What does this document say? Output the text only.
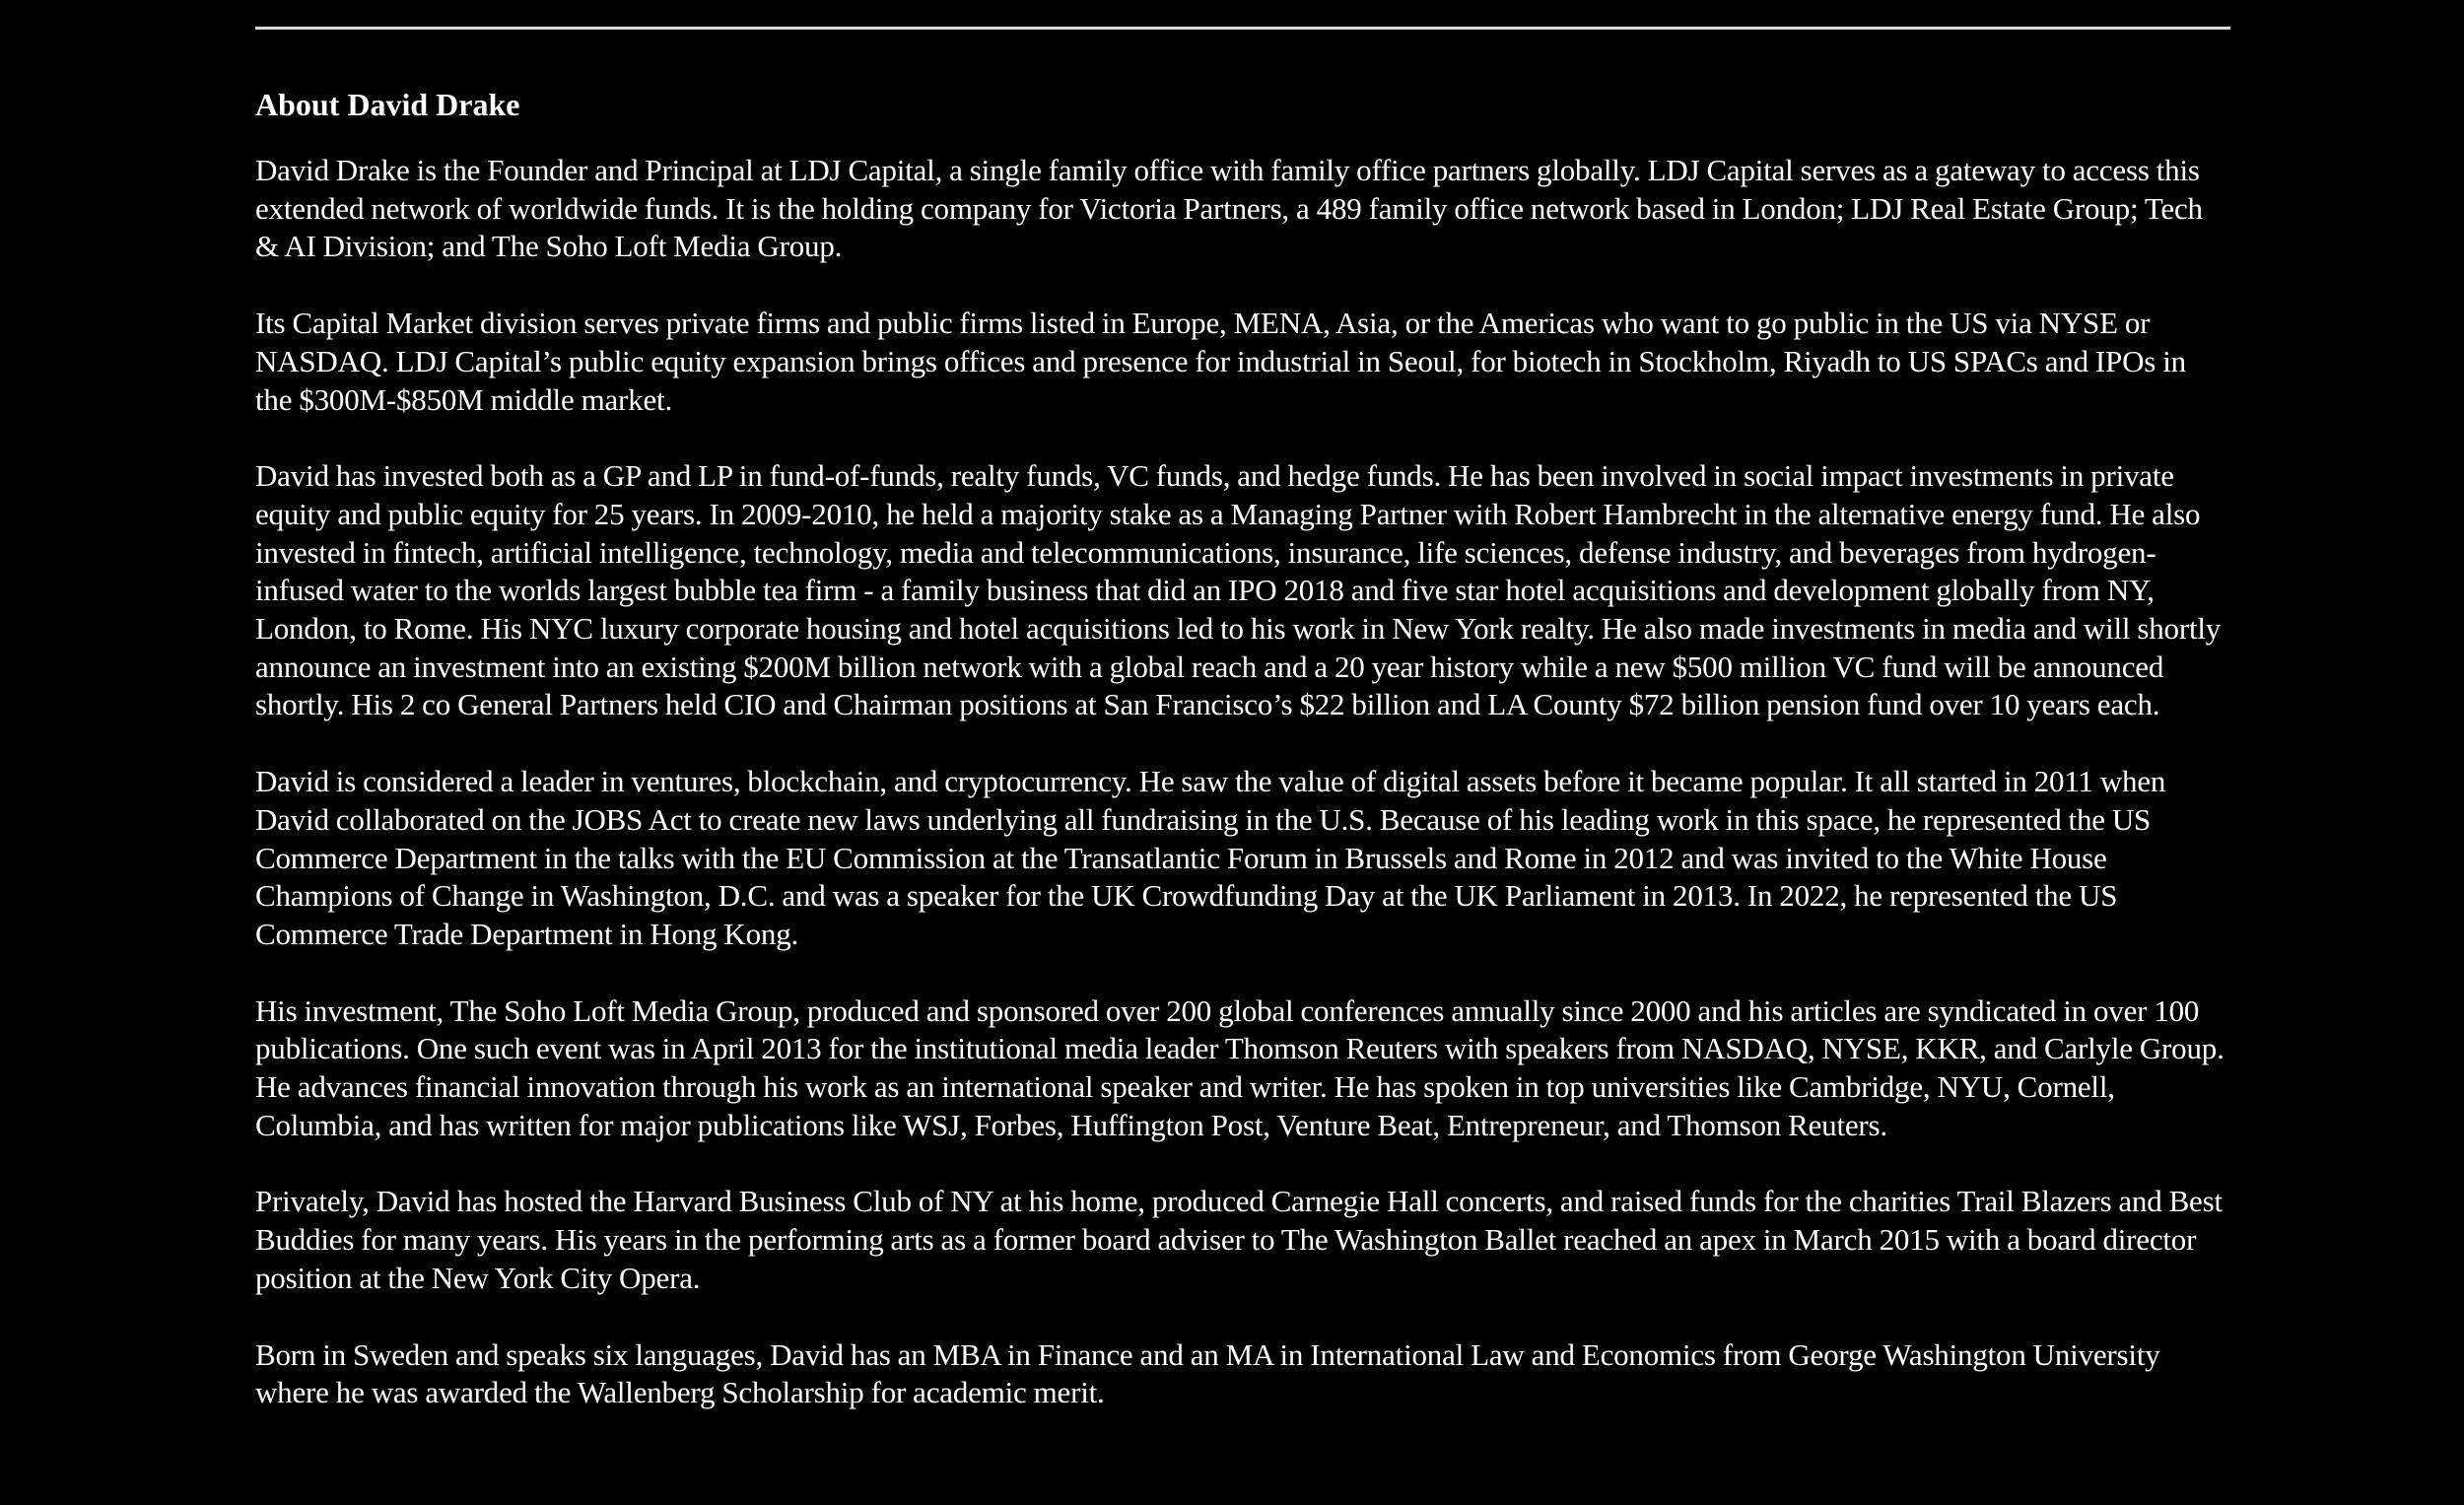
About David Drake

David Drake is the Founder and Principal at LDJ Capital, a single family office with family office partners globally. LDJ Capital serves as a gateway to access this extended network of worldwide funds. It is the holding company for Victoria Partners, a 489 family office network based in London; LDJ Real Estate Group; Tech & AI Division; and The Soho Loft Media Group.

Its Capital Market division serves private firms and public firms listed in Europe, MENA, Asia, or the Americas who want to go public in the US via NYSE or NASDAQ. LDJ Capital’s public equity expansion brings offices and presence for industrial in Seoul, for biotech in Stockholm, Riyadh to US SPACs and IPOs in the $300M-$850M middle market.

David has invested both as a GP and LP in fund-of-funds, realty funds, VC funds, and hedge funds. He has been involved in social impact investments in private equity and public equity for 25 years. In 2009-2010, he held a majority stake as a Managing Partner with Robert Hambrecht in the alternative energy fund. He also invested in fintech, artificial intelligence, technology, media and telecommunications, insurance, life sciences, defense industry, and beverages from hydrogen-infused water to the worlds largest bubble tea firm - a family business that did an IPO 2018 and five star hotel acquisitions and development globally from NY, London, to Rome. His NYC luxury corporate housing and hotel acquisitions led to his work in New York realty. He also made investments in media and will shortly announce an investment into an existing $200M billion network with a global reach and a 20 year history while a new $500 million VC fund will be announced shortly. His 2 co General Partners held CIO and Chairman positions at San Francisco’s $22 billion and LA County $72 billion pension fund over 10 years each.

David is considered a leader in ventures, blockchain, and cryptocurrency. He saw the value of digital assets before it became popular. It all started in 2011 when David collaborated on the JOBS Act to create new laws underlying all fundraising in the U.S. Because of his leading work in this space, he represented the US Commerce Department in the talks with the EU Commission at the Transatlantic Forum in Brussels and Rome in 2012 and was invited to the White House Champions of Change in Washington, D.C. and was a speaker for the UK Crowdfunding Day at the UK Parliament in 2013. In 2022, he represented the US Commerce Trade Department in Hong Kong.

His investment, The Soho Loft Media Group, produced and sponsored over 200 global conferences annually since 2000 and his articles are syndicated in over 100 publications. One such event was in April 2013 for the institutional media leader Thomson Reuters with speakers from NASDAQ, NYSE, KKR, and Carlyle Group. He advances financial innovation through his work as an international speaker and writer. He has spoken in top universities like Cambridge, NYU, Cornell, Columbia, and has written for major publications like WSJ, Forbes, Huffington Post, Venture Beat, Entrepreneur, and Thomson Reuters.

Privately, David has hosted the Harvard Business Club of NY at his home, produced Carnegie Hall concerts, and raised funds for the charities Trail Blazers and Best Buddies for many years. His years in the performing arts as a former board adviser to The Washington Ballet reached an apex in March 2015 with a board director position at the New York City Opera.

Born in Sweden and speaks six languages, David has an MBA in Finance and an MA in International Law and Economics from George Washington University where he was awarded the Wallenberg Scholarship for academic merit.
